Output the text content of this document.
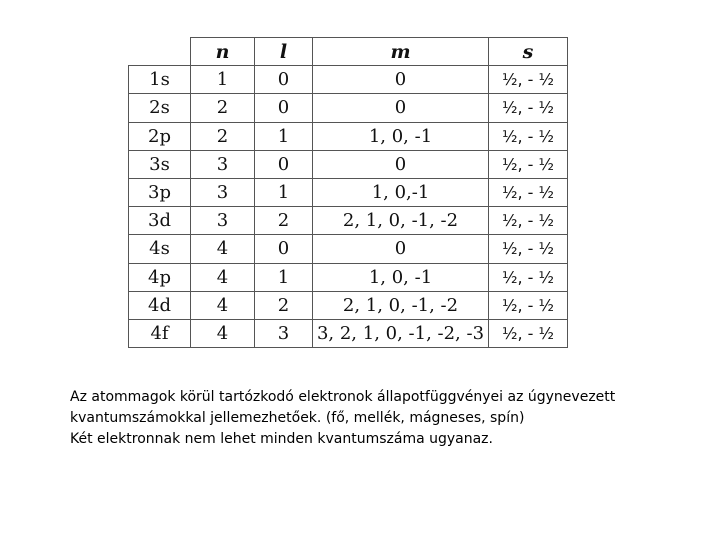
	n	l	m	s
1s	1	0	0	½, - ½
2s	2	0	0	½, - ½
2p	2	1	1, 0, -1	½, - ½
3s	3	0	0	½, - ½
3p	3	1	1, 0,-1	½, - ½
3d	3	2	2, 1, 0, -1, -2	½, - ½
4s	4	0	0	½, - ½
4p	4	1	1, 0, -1	½, - ½
4d	4	2	2, 1, 0, -1, -2	½, - ½
4f	4	3	3, 2, 1, 0, -1, -2, -3	½, - ½
Az atommagok körül tartózkodó elektronok állapotfüggvényei az úgynevezett
kvantumszámokkal jellemezhetőek. (fő, mellék, mágneses, spín)
Két elektronnak nem lehet minden kvantumszáma ugyanaz.
